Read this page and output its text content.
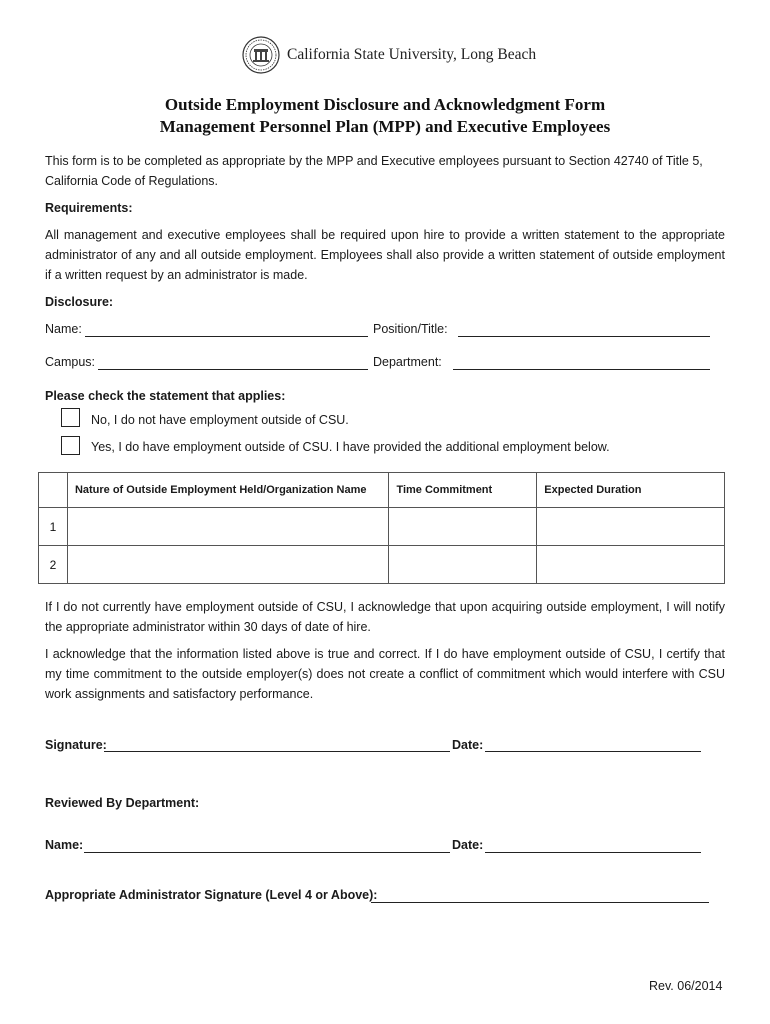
California State University, Long Beach
Outside Employment Disclosure and Acknowledgment Form
Management Personnel Plan (MPP) and Executive Employees
This form is to be completed as appropriate by the MPP and Executive employees pursuant to Section 42740 of Title 5, California Code of Regulations.
Requirements:
All management and executive employees shall be required upon hire to provide a written statement to the appropriate administrator of any and all outside employment. Employees shall also provide a written statement of outside employment if a written request by an administrator is made.
Disclosure:
Name:	Position/Title:
Campus:	Department:
Please check the statement that applies:
No, I do not have employment outside of CSU.
Yes, I do have employment outside of CSU. I have provided the additional employment below.
	Nature of Outside Employment Held/Organization Name	Time Commitment	Expected Duration
1			
2			
If I do not currently have employment outside of CSU, I acknowledge that upon acquiring outside employment, I will notify the appropriate administrator within 30 days of date of hire.
I acknowledge that the information listed above is true and correct. If I do have employment outside of CSU, I certify that my time commitment to the outside employer(s) does not create a conflict of commitment which would interfere with CSU work assignments and satisfactory performance.
Signature:	Date:
Reviewed By Department:
Name:	Date:
Appropriate Administrator Signature (Level 4 or Above):
Rev. 06/2014
